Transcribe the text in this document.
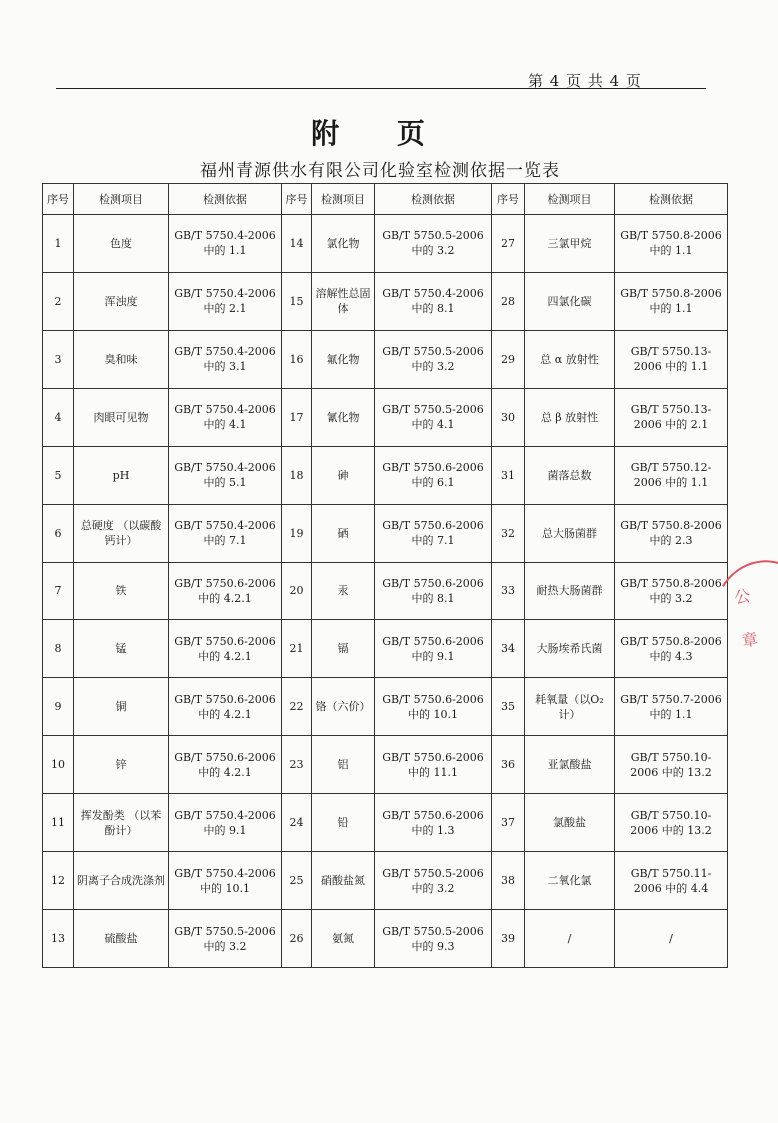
第 4 页 共 4 页
附 页
福州青源供水有限公司化验室检测依据一览表
序号	检测项目	检测依据	序号	检测项目	检测依据	序号	检测项目	检测依据
1	色度	GB/T 5750.4-2006 中的 1.1	14	氯化物	GB/T 5750.5-2006 中的 3.2	27	三氯甲烷	GB/T 5750.8-2006 中的 1.1
2	浑浊度	GB/T 5750.4-2006 中的 2.1	15	溶解性总固体	GB/T 5750.4-2006 中的 8.1	28	四氯化碳	GB/T 5750.8-2006 中的 1.1
3	臭和味	GB/T 5750.4-2006 中的 3.1	16	氟化物	GB/T 5750.5-2006 中的 3.2	29	总 α 放射性	GB/T 5750.13-2006 中的 1.1
4	肉眼可见物	GB/T 5750.4-2006 中的 4.1	17	氰化物	GB/T 5750.5-2006 中的 4.1	30	总 β 放射性	GB/T 5750.13-2006 中的 2.1
5	pH	GB/T 5750.4-2006 中的 5.1	18	砷	GB/T 5750.6-2006 中的 6.1	31	菌落总数	GB/T 5750.12-2006 中的 1.1
6	总硬度 （以碳酸钙计）	GB/T 5750.4-2006 中的 7.1	19	硒	GB/T 5750.6-2006 中的 7.1	32	总大肠菌群	GB/T 5750.8-2006 中的 2.3
7	铁	GB/T 5750.6-2006 中的 4.2.1	20	汞	GB/T 5750.6-2006 中的 8.1	33	耐热大肠菌群	GB/T 5750.8-2006 中的 3.2
8	锰	GB/T 5750.6-2006 中的 4.2.1	21	镉	GB/T 5750.6-2006 中的 9.1	34	大肠埃希氏菌	GB/T 5750.8-2006 中的 4.3
9	铜	GB/T 5750.6-2006 中的 4.2.1	22	铬（六价）	GB/T 5750.6-2006 中的 10.1	35	耗氧量（以O₂计）	GB/T 5750.7-2006 中的 1.1
10	锌	GB/T 5750.6-2006 中的 4.2.1	23	铝	GB/T 5750.6-2006 中的 11.1	36	亚氯酸盐	GB/T 5750.10-2006 中的 13.2
11	挥发酚类 （以苯酚计）	GB/T 5750.4-2006 中的 9.1	24	铅	GB/T 5750.6-2006 中的 1.3	37	氯酸盐	GB/T 5750.10-2006 中的 13.2
12	阴离子合成洗涤剂	GB/T 5750.4-2006 中的 10.1	25	硝酸盐氮	GB/T 5750.5-2006 中的 3.2	38	二氧化氯	GB/T 5750.11-2006 中的 4.4
13	硫酸盐	GB/T 5750.5-2006 中的 3.2	26	氨氮	GB/T 5750.5-2006 中的 9.3	39	/	/
公
章
